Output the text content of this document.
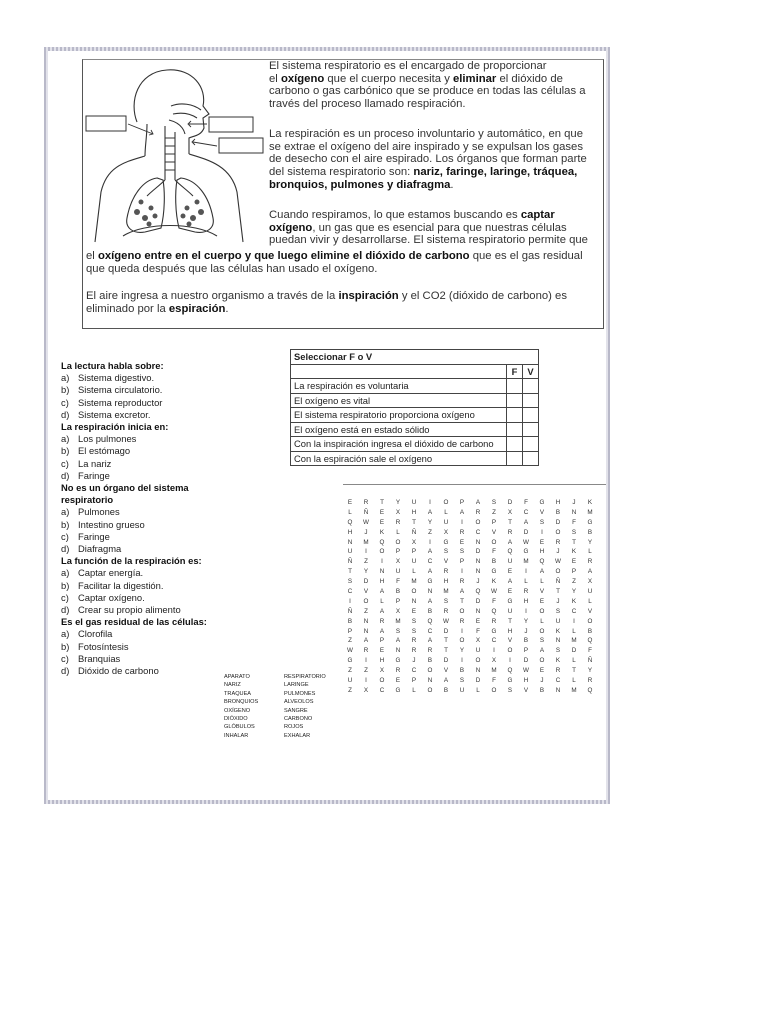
El sistema respiratorio es el encargado de proporcionar
el oxígeno que el cuerpo necesita y eliminar el dióxido de
carbono o gas carbónico que se produce en todas las células a
través del proceso llamado respiración.
La respiración es un proceso involuntario y automático, en que
se extrae el oxígeno del aire inspirado y se expulsan los gases
de desecho con el aire espirado. Los órganos que forman parte
del sistema respiratorio son: nariz, faringe, laringe, tráquea,
bronquios, pulmones y diafragma.
Cuando respiramos, lo que estamos buscando es captar
oxígeno, un gas que es esencial para que nuestras células
puedan vivir y desarrollarse. El sistema respiratorio permite que
el oxígeno entre en el cuerpo y que luego elimine el dióxido de carbono que es el gas residual
que queda después que las células han usado el oxígeno.
El aire ingresa a nuestro organismo a través de la inspiración y el CO2 (dióxido de carbono) es
eliminado por la espiración.
La lectura habla sobre:
a) Sistema digestivo.
b) Sistema circulatorio.
c) Sistema reproductor
d) Sistema excretor.
La respiración inicia en:
a) Los pulmones
b) El estómago
c) La nariz
d) Faringe
No es un órgano del sistema
respiratorio
a) Pulmones
b) Intestino grueso
c) Faringe
d) Diafragma
La función de la respiración es:
a) Captar energía.
b) Facilitar la digestión.
c) Captar oxígeno.
d) Crear su propio alimento
Es el gas residual de las células:
a) Clorofila
b) Fotosíntesis
c) Branquias
d) Dióxido de carbono
Seleccionar F o V		
	F	V
La respiración es voluntaria		
El oxígeno es vital		
El sistema respiratorio proporciona oxígeno		
El oxígeno está en estado sólido		
Con la inspiración ingresa el dióxido de carbono		
Con la espiración sale el oxígeno		
E	R	T	Y	U	I	O	P	A	S	D	F	G	H	J	K
L	Ñ	E	X	H	A	L	A	R	Z	X	C	V	B	N	M
Q	W	E	R	T	Y	U	I	O	P	T	A	S	D	F	G
H	J	K	L	Ñ	Z	X	R	C	V	R	D	I	O	S	B
N	M	Q	O	X	I	G	E	N	O	A	W	E	R	T	Y
U	I	O	P	P	A	S	S	D	F	Q	G	H	J	K	L
Ñ	Z	I	X	U	C	V	P	N	B	U	M	Q	W	E	R
T	Y	N	U	L	A	R	I	N	G	E	I	A	O	P	A
S	D	H	F	M	G	H	R	J	K	A	L	L	Ñ	Z	X
C	V	A	B	O	N	M	A	Q	W	E	R	V	T	Y	U
I	O	L	P	N	A	S	T	D	F	G	H	E	J	K	L
Ñ	Z	A	X	E	B	R	O	N	Q	U	I	O	S	C	V
B	N	R	M	S	Q	W	R	E	R	T	Y	L	U	I	O
P	N	A	S	S	C	D	I	F	G	H	J	O	K	L	B
Z	A	P	A	R	A	T	O	X	C	V	B	S	N	M	Q
W	R	E	N	R	R	T	Y	U	I	O	P	A	S	D	F
G	I	H	G	J	B	D	I	O	X	I	D	O	K	L	Ñ
Z	Z	X	R	C	O	V	B	N	M	Q	W	E	R	T	Y
U	I	O	E	P	N	A	S	D	F	G	H	J	C	L	R
Z	X	C	G	L	O	B	U	L	O	S	V	B	N	M	Q
APARATO	RESPIRATORIO
NARIZ	LARINGE
TRAQUEA	PULMONES
BRONQUIOS	ALVEOLOS
OXÍGENO	SANGRE
DIÓXIDO	CARBONO
GLÓBULOS	ROJOS
INHALAR	EXHALAR
